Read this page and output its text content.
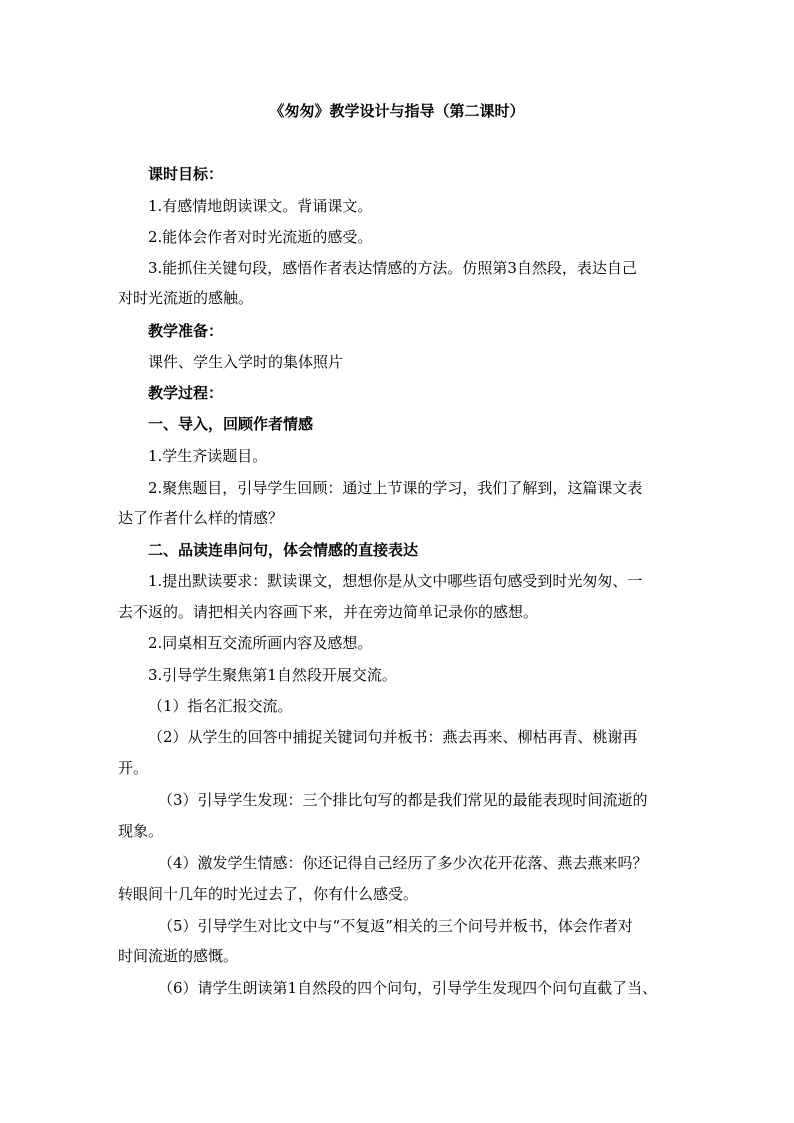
《匆匆》教学设计与指导（第二课时）
课时目标：
1.有感情地朗读课文。背诵课文。
2.能体会作者对时光流逝的感受。
3.能抓住关键句段，感悟作者表达情感的方法。仿照第3自然段，表达自己
对时光流逝的感触。
教学准备：
课件、学生入学时的集体照片
教学过程：
一、导入，回顾作者情感
1.学生齐读题目。
2.聚焦题目，引导学生回顾：通过上节课的学习，我们了解到，这篇课文表
达了作者什么样的情感？
二、品读连串问句，体会情感的直接表达
1.提出默读要求：默读课文，想想你是从文中哪些语句感受到时光匆匆、一
去不返的。请把相关内容画下来，并在旁边简单记录你的感想。
2.同桌相互交流所画内容及感想。
3.引导学生聚焦第1自然段开展交流。
（1）指名汇报交流。
（2）从学生的回答中捕捉关键词句并板书：燕去再来、柳枯再青、桃谢再
开。
（3）引导学生发现：三个排比句写的都是我们常见的最能表现时间流逝的
现象。
（4）激发学生情感：你还记得自己经历了多少次花开花落、燕去燕来吗？
转眼间十几年的时光过去了，你有什么感受。
（5）引导学生对比文中与“不复返”相关的三个问号并板书，体会作者对
时间流逝的感慨。
（6）请学生朗读第1自然段的四个问句，引导学生发现四个问句直截了当、
